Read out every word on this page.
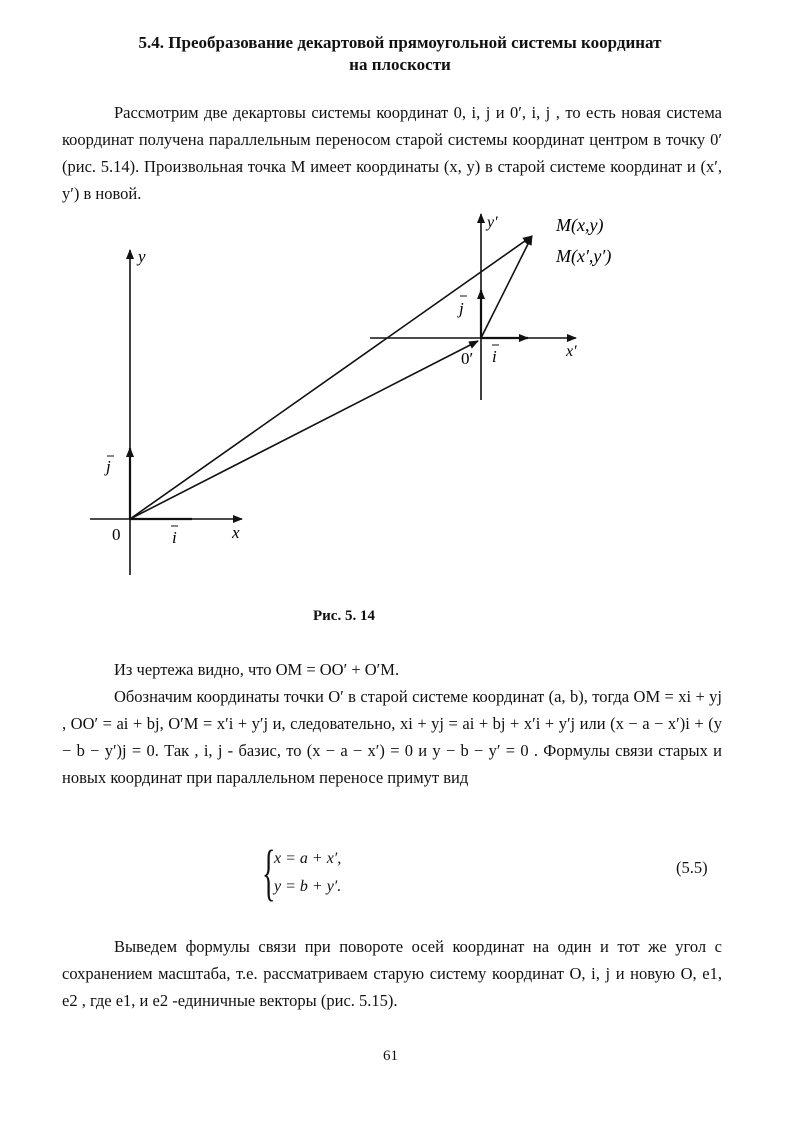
5.4. Преобразование декартовой прямоугольной системы координат
на плоскости
Рассмотрим две декартовы системы координат 0, i, j и 0′, i, j , то есть новая система координат получена параллельным переносом старой системы координат центром в точку 0′ (рис. 5.14). Произвольная точка M имеет координаты (x, y) в старой системе координат и (x′, y′) в новой.
y
x
0	i
j
y′
x′
0′ i
j
M(x,y)
M(x′,y′)
Рис. 5. 14
Из чертежа видно, что OM = OO′ + O′M.
Обозначим координаты точки O′ в старой системе координат (a, b), тогда OM = xi + yj , OO′ = ai + bj, O′M = x′i + y′j и, следовательно, xi + yj = ai + bj + x′i + y′j или (x − a − x′)i + (y − b − y′)j = 0. Так , i, j - базис, то (x − a − x′) = 0 и y − b − y′ = 0 . Формулы связи старых и новых координат при параллельном переносе примут вид
{
x = a + x′,
y = b + y′.
(5.5)
Выведем формулы связи при повороте осей координат на один и тот же угол с сохранением масштаба, т.е. рассматриваем старую систему координат O, i, j и новую O, e1, e2 , где e1, и e2 -единичные векторы (рис. 5.15).
61
